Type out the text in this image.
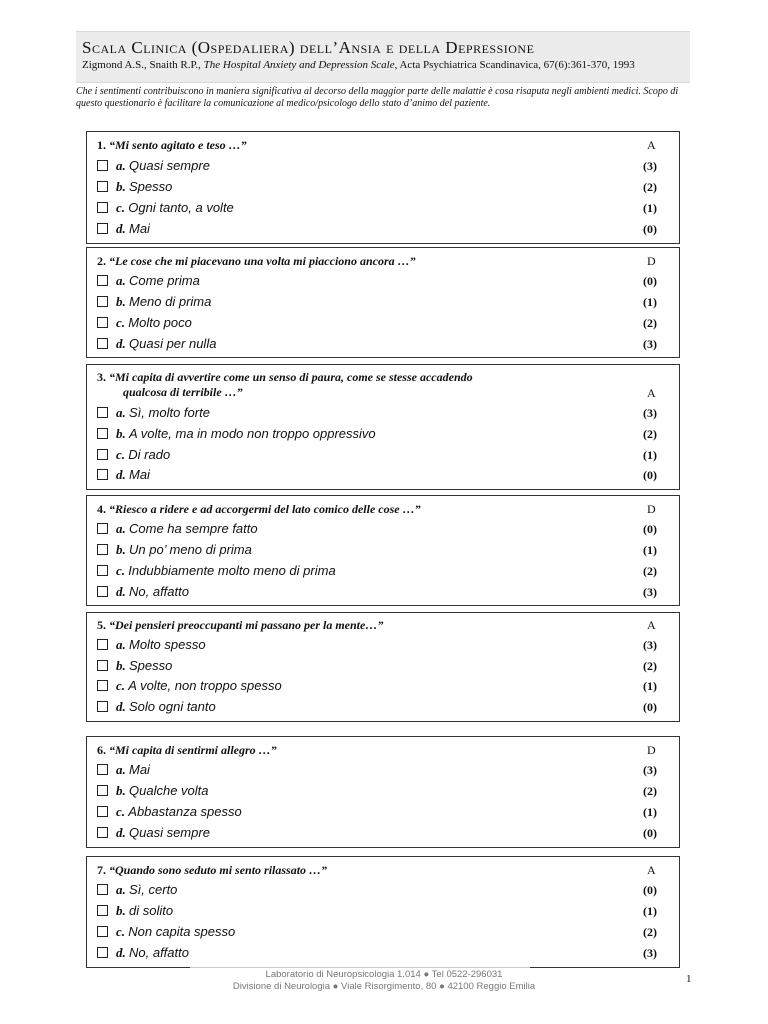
Scala Clinica (Ospedaliera) dell’Ansia e della Depressione
Zigmond A.S., Snaith R.P., The Hospital Anxiety and Depression Scale, Acta Psychiatrica Scandinavica, 67(6):361-370, 1993
Che i sentimenti contribuiscono in maniera significativa al decorso della maggior parte delle malattie è cosa risaputa negli ambienti medici. Scopo di questo questionario è facilitare la comunicazione al medico/psicologo dello stato d’animo del paziente.
1. “Mi sento agitato e teso …”	A
a. Quasi sempre	(3)
b. Spesso	(2)
c. Ogni tanto, a volte	(1)
d. Mai	(0)
2. “Le cose che mi piacevano una volta mi piacciono ancora …”	D
a. Come prima	(0)
b. Meno di prima	(1)
c. Molto poco	(2)
d. Quasi per nulla	(3)
3. “Mi capita di avvertire come un senso di paura, come se stesse accadendo
qualcosa di terribile …”	A
a. Sì, molto forte	(3)
b. A volte, ma in modo non troppo oppressivo	(2)
c. Di rado	(1)
d. Mai	(0)
4. “Riesco a ridere e ad accorgermi del lato comico delle cose …”	D
a. Come ha sempre fatto	(0)
b. Un po’ meno di prima	(1)
c. Indubbiamente molto meno di prima	(2)
d. No, affatto	(3)
5. “Dei pensieri preoccupanti mi passano per la mente…”	A
a. Molto spesso	(3)
b. Spesso	(2)
c. A volte, non troppo spesso	(1)
d. Solo ogni tanto	(0)
6. “Mi capita di sentirmi allegro …”	D
a. Mai	(3)
b. Qualche volta	(2)
c. Abbastanza spesso	(1)
d. Quasi sempre	(0)
7. “Quando sono seduto mi sento rilassato …”	A
a. Sì, certo	(0)
b. di solito	(1)
c. Non capita spesso	(2)
d. No, affatto	(3)
Laboratorio di Neuropsicologia 1.014 ● Tel 0522-296031
Divisione di Neurologia ● Viale Risorgimento, 80 ● 42100 Reggio Emilia
1
